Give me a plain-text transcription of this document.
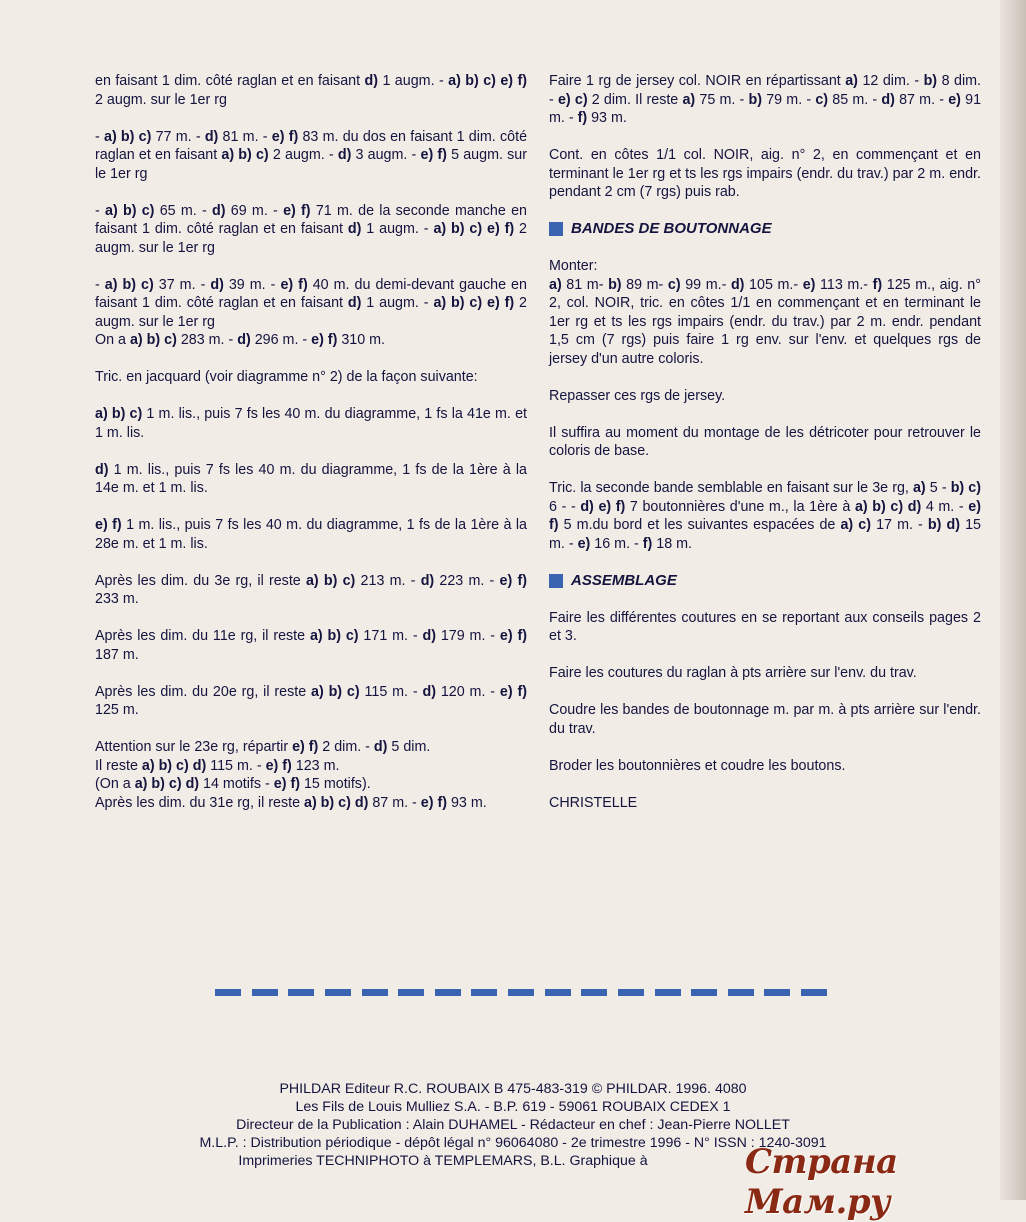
en faisant 1 dim. côté raglan et en faisant d) 1 augm. - a) b) c) e) f) 2 augm. sur le 1er rg
- a) b) c) 77 m. - d) 81 m. - e) f) 83 m. du dos en faisant 1 dim. côté raglan et en faisant a) b) c) 2 augm. - d) 3 augm. - e) f) 5 augm. sur le 1er rg
- a) b) c) 65 m. - d) 69 m. - e) f) 71 m. de la seconde manche en faisant 1 dim. côté raglan et en faisant d) 1 augm. - a) b) c) e) f) 2 augm. sur le 1er rg
- a) b) c) 37 m. - d) 39 m. - e) f) 40 m. du demi-devant gauche en faisant 1 dim. côté raglan et en faisant d) 1 augm. - a) b) c) e) f) 2 augm. sur le 1er rg
On a a) b) c) 283 m. - d) 296 m. - e) f) 310 m.
Tric. en jacquard (voir diagramme n° 2) de la façon suivante:
a) b) c) 1 m. lis., puis 7 fs les 40 m. du diagramme, 1 fs la 41e m. et 1 m. lis.
d) 1 m. lis., puis 7 fs les 40 m. du diagramme, 1 fs de la 1ère à la 14e m. et 1 m. lis.
e) f) 1 m. lis., puis 7 fs les 40 m. du diagramme, 1 fs de la 1ère à la 28e m. et 1 m. lis.
Après les dim. du 3e rg, il reste a) b) c) 213 m. - d) 223 m. - e) f) 233 m.
Après les dim. du 11e rg, il reste a) b) c) 171 m. - d) 179 m. - e) f) 187 m.
Après les dim. du 20e rg, il reste a) b) c) 115 m. - d) 120 m. - e) f) 125 m.
Attention sur le 23e rg, répartir e) f) 2 dim. - d) 5 dim.
Il reste a) b) c) d) 115 m. - e) f) 123 m.
(On a a) b) c) d) 14 motifs - e) f) 15 motifs).
Après les dim. du 31e rg, il reste a) b) c) d) 87 m. - e) f) 93 m.
Faire 1 rg de jersey col. NOIR en répartissant a) 12 dim. - b) 8 dim. - e) c) 2 dim. Il reste a) 75 m. - b) 79 m. - c) 85 m. - d) 87 m. - e) 91 m. - f) 93 m.
Cont. en côtes 1/1 col. NOIR, aig. n° 2, en commençant et en terminant le 1er rg et ts les rgs impairs (endr. du trav.) par 2 m. endr. pendant 2 cm (7 rgs) puis rab.
BANDES DE BOUTONNAGE
Monter:
a) 81 m- b) 89 m- c) 99 m.- d) 105 m.- e) 113 m.- f) 125 m., aig. n° 2, col. NOIR, tric. en côtes 1/1 en commençant et en terminant le 1er rg et ts les rgs impairs (endr. du trav.) par 2 m. endr. pendant 1,5 cm (7 rgs) puis faire 1 rg env. sur l'env. et quelques rgs de jersey d'un autre coloris.
Repasser ces rgs de jersey.
Il suffira au moment du montage de les détricoter pour retrouver le coloris de base.
Tric. la seconde bande semblable en faisant sur le 3e rg, a) 5 - b) c) 6 - - d) e) f) 7 boutonnières d'une m., la 1ère à a) b) c) d) 4 m. - e) f) 5 m.du bord et les suivantes espacées de a) c) 17 m. - b) d) 15 m. - e) 16 m. - f) 18 m.
ASSEMBLAGE
Faire les différentes coutures en se reportant aux conseils pages 2 et 3.
Faire les coutures du raglan à pts arrière sur l'env. du trav.
Coudre les bandes de boutonnage m. par m. à pts arrière sur l'endr. du trav.
Broder les boutonnières et coudre les boutons.
CHRISTELLE
PHILDAR Editeur R.C. ROUBAIX B 475-483-319 © PHILDAR. 1996. 4080
Les Fils de Louis Mulliez S.A. - B.P. 619 - 59061 ROUBAIX CEDEX 1
Directeur de la Publication : Alain DUHAMEL - Rédacteur en chef : Jean-Pierre NOLLET
M.L.P. : Distribution périodique - dépôt légal n° 96064080 - 2e trimestre 1996 - N° ISSN : 1240-3091
Imprimeries TECHNIPHOTO à TEMPLEMARS, B.L. Graphique à	Страна Мам.ру
